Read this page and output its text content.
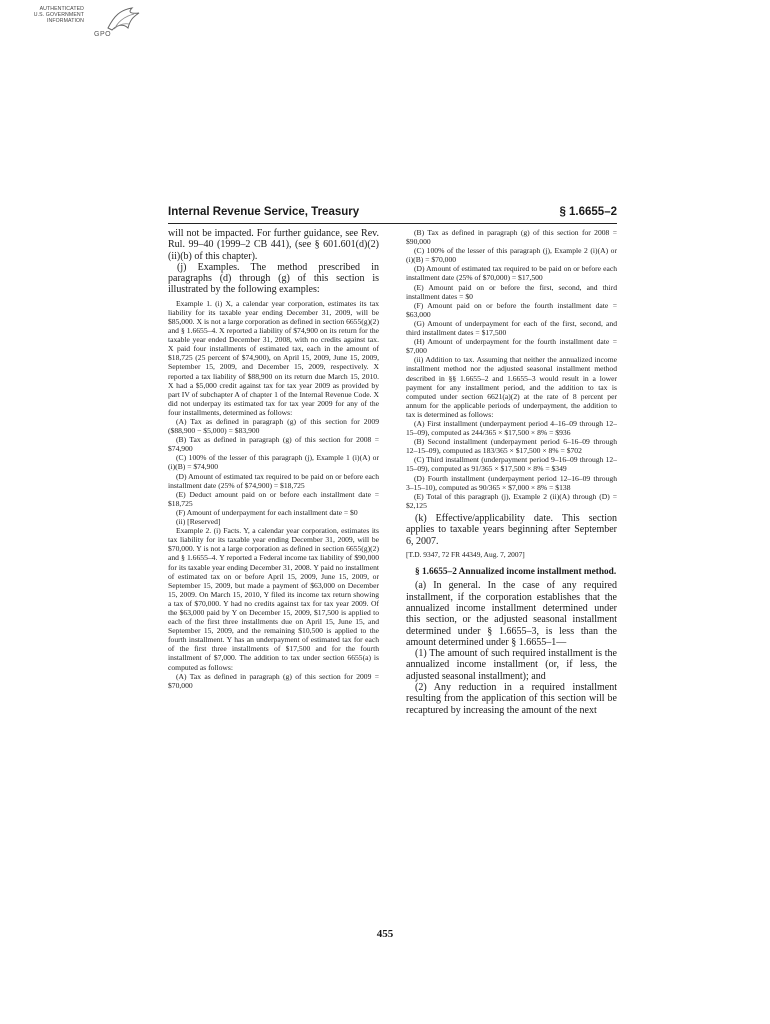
AUTHENTICATED
U.S. GOVERNMENT
INFORMATION
GPO
Internal Revenue Service, Treasury	§ 1.6655–2

will not be impacted. For further guidance, see Rev. Rul. 99–40 (1999–2 CB 441), (see § 601.601(d)(2)(ii)(b) of this chapter).

(j) Examples. The method prescribed in paragraphs (d) through (g) of this section is illustrated by the following examples:

Example 1. (i) X, a calendar year corporation, estimates its tax liability for its taxable year ending December 31, 2009, will be $85,000. X is not a large corporation as defined in section 6655(g)(2) and § 1.6655–4. X reported a liability of $74,900 on its return for the taxable year ended December 31, 2008, with no credits against tax. X paid four installments of estimated tax, each in the amount of $18,725 (25 percent of $74,900), on April 15, 2009, June 15, 2009, September 15, 2009, and December 15, 2009, respectively. X reported a tax liability of $88,900 on its return due March 15, 2010. X had a $5,000 credit against tax for tax year 2009 as provided by part IV of subchapter A of chapter 1 of the Internal Revenue Code. X did not underpay its estimated tax for tax year 2009 for any of the four installments, determined as follows:

(A) Tax as defined in paragraph (g) of this section for 2009 ($88,900 − $5,000) = $83,900

(B) Tax as defined in paragraph (g) of this section for 2008 = $74,900

(C) 100% of the lesser of this paragraph (j), Example 1 (i)(A) or (i)(B) = $74,900

(D) Amount of estimated tax required to be paid on or before each installment date (25% of $74,900) = $18,725

(E) Deduct amount paid on or before each installment date = $18,725

(F) Amount of underpayment for each installment date = $0

(ii) [Reserved]

Example 2. (i) Facts. Y, a calendar year corporation, estimates its tax liability for its taxable year ending December 31, 2009, will be $70,000. Y is not a large corporation as defined in section 6655(g)(2) and § 1.6655–4. Y reported a Federal income tax liability of $90,000 for its taxable year ending December 31, 2008. Y paid no installment of estimated tax on or before April 15, 2009, June 15, 2009, or September 15, 2009, but made a payment of $63,000 on December 15, 2009. On March 15, 2010, Y filed its income tax return showing a tax of $70,000. Y had no credits against tax for tax year 2009. Of the $63,000 paid by Y on December 15, 2009, $17,500 is applied to each of the first three installments due on April 15, June 15, and September 15, 2009, and the remaining $10,500 is applied to the fourth installment. Y has an underpayment of estimated tax for each of the first three installments of $17,500 and for the fourth installment of $7,000. The addition to tax under section 6655(a) is computed as follows:

(A) Tax as defined in paragraph (g) of this section for 2009 = $70,000

(B) Tax as defined in paragraph (g) of this section for 2008 = $90,000

(C) 100% of the lesser of this paragraph (j), Example 2 (i)(A) or (i)(B) = $70,000

(D) Amount of estimated tax required to be paid on or before each installment date (25% of $70,000) = $17,500

(E) Amount paid on or before the first, second, and third installment dates = $0

(F) Amount paid on or before the fourth installment date = $63,000

(G) Amount of underpayment for each of the first, second, and third installment dates = $17,500

(H) Amount of underpayment for the fourth installment date = $7,000

(ii) Addition to tax. Assuming that neither the annualized income installment method nor the adjusted seasonal installment method described in §§ 1.6655–2 and 1.6655–3 would result in a lower payment for any installment period, and the addition to tax is computed under section 6621(a)(2) at the rate of 8 percent per annum for the applicable periods of underpayment, the addition to tax is determined as follows:

(A) First installment (underpayment period 4–16–09 through 12–15–09), computed as 244/365 × $17,500 × 8% = $936

(B) Second installment (underpayment period 6–16–09 through 12–15–09), computed as 183/365 × $17,500 × 8% = $702

(C) Third installment (underpayment period 9–16–09 through 12–15–09), computed as 91/365 × $17,500 × 8% = $349

(D) Fourth installment (underpayment period 12–16–09 through 3–15–10), computed as 90/365 × $7,000 × 8% = $138

(E) Total of this paragraph (j), Example 2 (ii)(A) through (D) = $2,125

(k) Effective/applicability date. This section applies to taxable years beginning after September 6, 2007.

[T.D. 9347, 72 FR 44349, Aug. 7, 2007]

§ 1.6655–2 Annualized income installment method.

(a) In general. In the case of any required installment, if the corporation establishes that the annualized income installment determined under this section, or the adjusted seasonal installment determined under § 1.6655–3, is less than the amount determined under § 1.6655–1—

(1) The amount of such required installment is the annualized income installment (or, if less, the adjusted seasonal installment); and

(2) Any reduction in a required installment resulting from the application of this section will be recaptured by increasing the amount of the next

455
